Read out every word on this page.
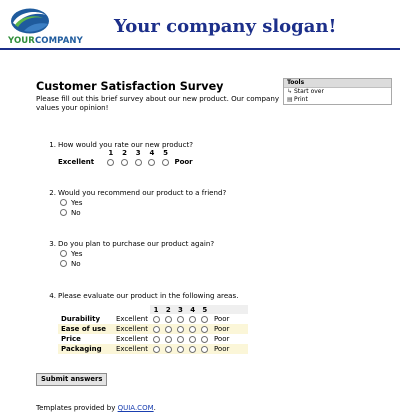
YOURCOMPANY
Your company slogan!
Customer Satisfaction Survey
Please fill out this brief survey about our new product. Our company values your opinion!
Tools
↳ Start over
▤Print
1. How would you rate our new product?
1 2 3 4 5
Excellent	Poor
2. Would you recommend our product to a friend?
Yes
No
3. Do you plan to purchase our product again?
Yes
No
4. Please evaluate our product in the following areas.
1	2	3	4	5
Durability	Excellent	Poor
Ease of use	Excellent	Poor
Price	Excellent	Poor
Packaging	Excellent	Poor
Submit answers
Templates provided by QUIA.COM.
